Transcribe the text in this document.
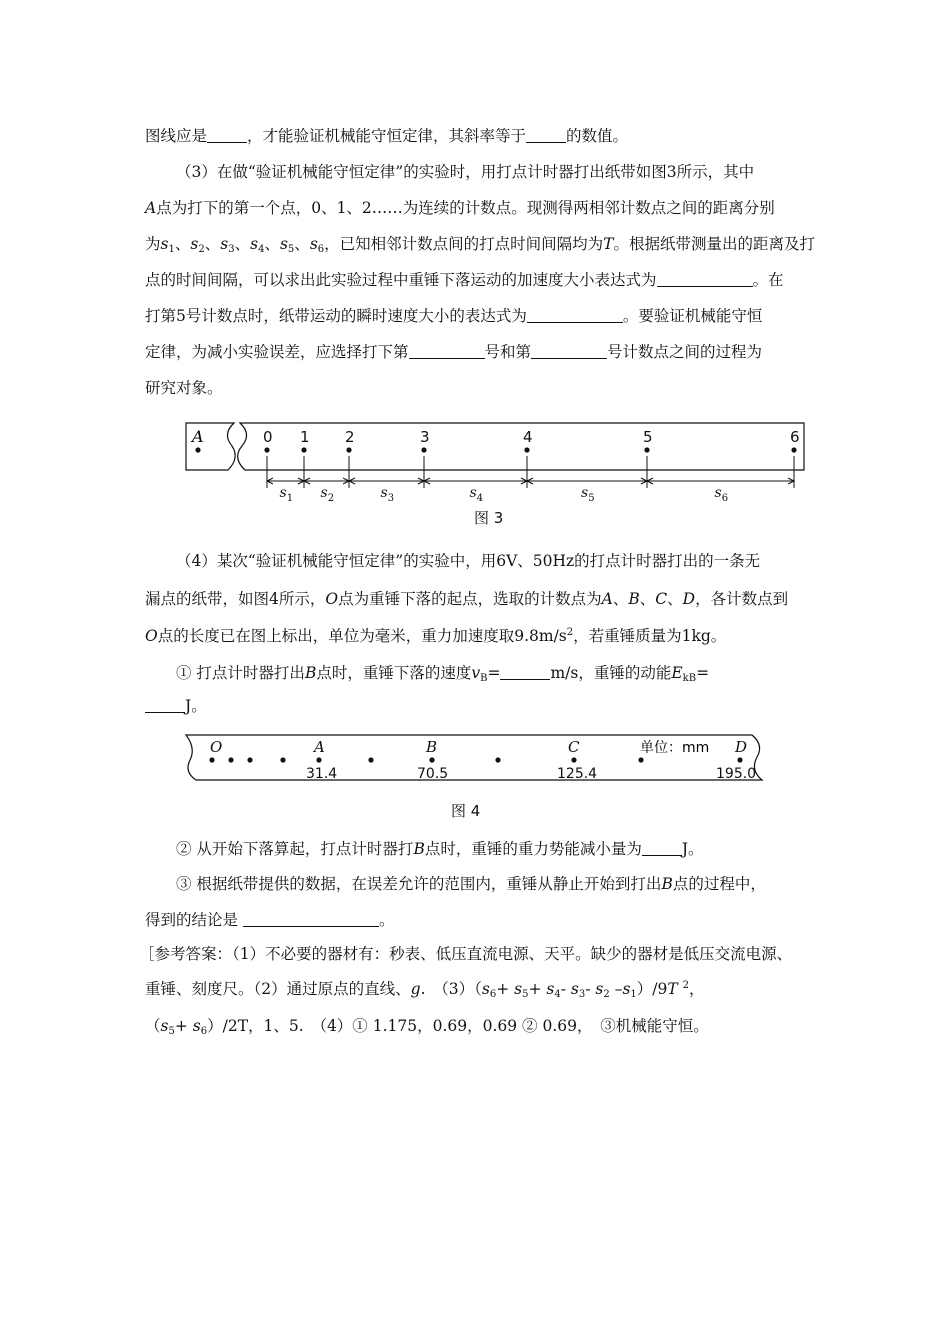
图线应是	，才能验证机械能守恒定律，其斜率等于	的数值。
（3）在做“验证机械能守恒定律”的实验时，用打点计时器打出纸带如图3所示，其中
A点为打下的第一个点，0、1、2……为连续的计数点。现测得两相邻计数点之间的距离分别
为$s_1$、$s_2$、$s_3$、$s_4$、$s_5$、$s_6$，已知相邻计数点间的打点时间间隔均为T。根据纸带测量出的距离及打
点的时间间隔，可以求出此实验过程中重锤下落运动的加速度大小表达式为	。在
打第5号计数点时，纸带运动的瞬时速度大小的表达式为	。要验证机械能守恒
定律，为减小实验误差，应选择打下第	号和第	号计数点之间的过程为
研究对象。
0 1 2	3	4	5	6
$s_1$ $s_2$	$s_3$	$s_4$	$s_5$	$s_6$
A
图 3
（4）某次“验证机械能守恒定律”的实验中，用6V、50Hz的打点计时器打出的一条无
漏点的纸带，如图4所示，O点为重锤下落的起点，选取的计数点为A、B、C、D，各计数点到
O点的长度已在图上标出，单位为毫米，重力加速度取$9.8m/s^2$，若重锤质量为1kg。
① 打点计时器打出B点时，重锤下落的速度$v_B=$	m/s，重锤的动能$E_{kB}=$
J。
O	A	B	C	D
31.4	70.5	125.4	195.0
单位：mm
图 4
② 从开始下落算起，打点计时器打B点时，重锤的重力势能减小量为	J。
③ 根据纸带提供的数据，在误差允许的范围内，重锤从静止开始到打出B点的过程中，
得到的结论是	。
［参考答案：（1）不必要的器材有：秒表、低压直流电源、天平。缺少的器材是低压交流电源、
重锤、刻度尺。（2）通过原点的直线、g.　$(3)(s_6+ s_5+ s_4-$ $s_3-$ $s_2$ $-s_1)/9T$ $^2$，
$(s_5+ s_6)/2T$，1、5.　（4）① 1.175，0.69，0.69 ② 0.69，　③机械能守恒。
